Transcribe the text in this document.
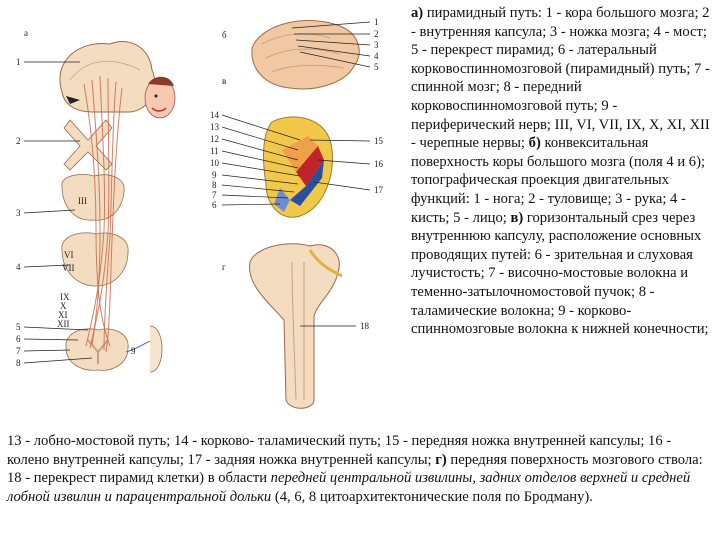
а
III
VI
VII
IX
X
XI
XII
9
1
2
3
4
5
6
7
8
б
1
2
3
4
5
в
14
13
12
11
10
9
8
7
6
15
16
17
г
18

а) пирамидный путь: 1 - кора большого мозга; 2 - внутренняя капсула; 3 - ножка мозга; 4 - мост; 5 - перекрест пирамид; 6 - латеральный корковоспинномозговой (пирамидный) путь; 7 - спинной мозг; 8 - передний корковоспинномозговой путь; 9 - периферический нерв; III, VI, VII, IX, X, XI, XII - черепные нервы; б) конвекситальная поверхность коры большого мозга (поля 4 и 6); топографическая проекция двигательных функций: 1 - нога; 2 - туловище; 3 - рука; 4 - кисть; 5 - лицо; в) горизонтальный срез через внутреннюю капсулу, расположение основных проводящих путей: 6 - зрительная и слуховая лучистость; 7 - височно-мостовые волокна и теменно-затылочномостовой пучок; 8 - таламические волокна; 9 - корково-спинномозговые волокна к нижней конечности;

13 - лобно-мостовой путь; 14 - корково- таламический путь; 15 - передняя ножка внутренней капсулы; 16 - колено внутренней капсулы; 17 - задняя ножка внутренней капсулы; г) передняя поверхность мозгового ствола: 18 - перекрест пирамид клетки) в области передней центральной извилины, задних отделов верхней и средней лобной извилин и парацентральной дольки (4, 6, 8 цитоархитектонические поля по Бродману).
